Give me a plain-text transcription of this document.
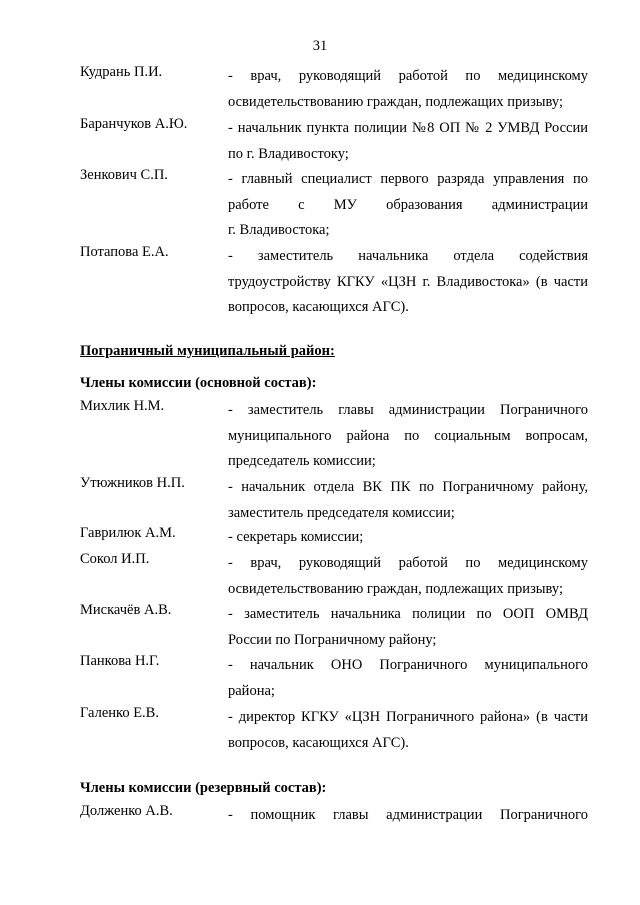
31
Кудрань П.И.	- врач, руководящий работой по медицинскому
освидетельствованию граждан, подлежащих призыву;
Баранчуков А.Ю.	- начальник пункта полиции №8 ОП № 2 УМВД России
по г. Владивостоку;
Зенкович С.П.	- главный специалист первого разряда управления по
работе с МУ образования администрации
г. Владивостока;
Потапова Е.А.	- заместитель начальника отдела содействия
трудоустройству КГКУ «ЦЗН г. Владивостока» (в части
вопросов, касающихся АГС).
Пограничный муниципальный район:
Члены комиссии (основной состав):
Михлик Н.М.	- заместитель главы администрации Пограничного
муниципального района по социальным вопросам,
председатель комиссии;
Утюжников Н.П.	- начальник отдела ВК ПК по Пограничному району,
заместитель председателя комиссии;
Гаврилюк А.М.	- секретарь комиссии;
Сокол И.П.	- врач, руководящий работой по медицинскому
освидетельствованию граждан, подлежащих призыву;
Мискачёв А.В.	- заместитель начальника полиции по ООП ОМВД
России по Пограничному району;
Панкова Н.Г.	- начальник ОНО Пограничного муниципального
района;
Галенко Е.В.	- директор КГКУ «ЦЗН Пограничного района» (в части
вопросов, касающихся АГС).
Члены комиссии (резервный состав):
Долженко А.В.	- помощник главы администрации Пограничного
